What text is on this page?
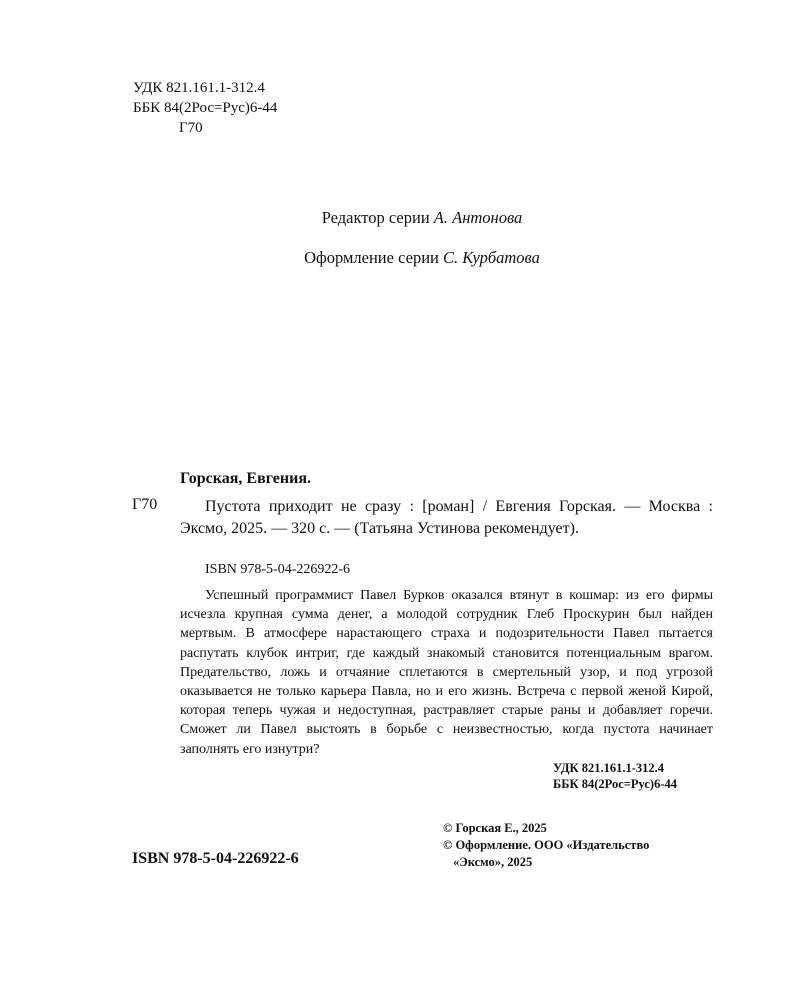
УДК 821.161.1-312.4
ББК 84(2Рос=Рус)6-44
Г70
Редактор серии А. Антонова
Оформление серии С. Курбатова
Горская, Евгения.
Г70	Пустота приходит не сразу : [роман] / Евгения Горская. — Москва : Эксмо, 2025. — 320 с. — (Татьяна Устинова рекомендует).
ISBN 978-5-04-226922-6
Успешный программист Павел Бурков оказался втянут в кошмар: из его фирмы исчезла крупная сумма денег, а молодой сотрудник Глеб Проскурин был найден мертвым. В атмосфере нарастающего страха и подозрительности Павел пытается распутать клубок интриг, где каждый знакомый становится потенциальным врагом. Предательство, ложь и отчаяние сплетаются в смертельный узор, и под угрозой оказывается не только карьера Павла, но и его жизнь. Встреча с первой женой Кирой, которая теперь чужая и недоступная, растравляет старые раны и добавляет горечи. Сможет ли Павел выстоять в борьбе с неизвестностью, когда пустота начинает заполнять его изнутри?
УДК 821.161.1-312.4
ББК 84(2Рос=Рус)6-44
© Горская Е., 2025
© Оформление. ООО «Издательство
«Эксмо», 2025
ISBN 978-5-04-226922-6
